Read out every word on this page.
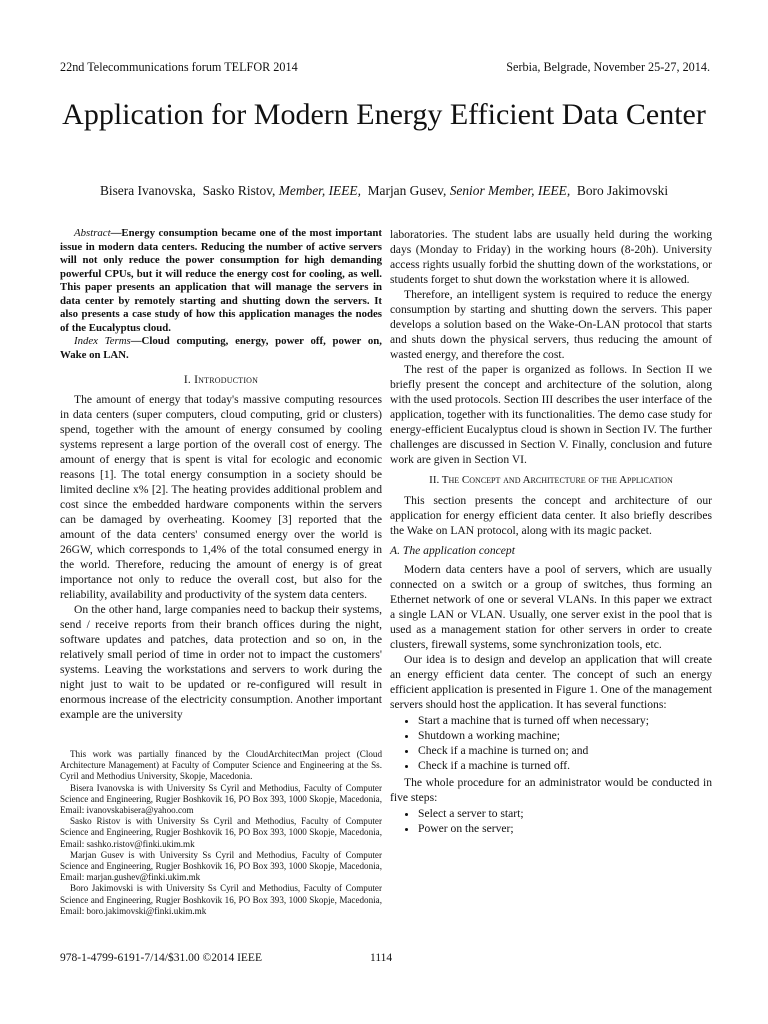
22nd Telecommunications forum TELFOR 2014	Serbia, Belgrade, November 25-27, 2014.
Application for Modern Energy Efficient Data Center
Bisera Ivanovska, Sasko Ristov, Member, IEEE, Marjan Gusev, Senior Member, IEEE, Boro Jakimovski

Abstract—Energy consumption became one of the most important issue in modern data centers. Reducing the number of active servers will not only reduce the power consumption for high demanding powerful CPUs, but it will reduce the energy cost for cooling, as well. This paper presents an application that will manage the servers in data center by remotely starting and shutting down the servers. It also presents a case study of how this application manages the nodes of the Eucalyptus cloud.

Index Terms—Cloud computing, energy, power off, power on, Wake on LAN.

I. Introduction

The amount of energy that today's massive computing resources in data centers (super computers, cloud computing, grid or clusters) spend, together with the amount of energy consumed by cooling systems represent a large portion of the overall cost of energy. The amount of energy that is spent is vital for ecologic and economic reasons [1]. The total energy consumption in a society should be limited decline x% [2]. The heating provides additional problem and cost since the embedded hardware components within the servers can be damaged by overheating. Koomey [3] reported that the amount of the data centers' consumed energy over the world is 26GW, which corresponds to 1,4% of the total consumed energy in the world. Therefore, reducing the amount of energy is of great importance not only to reduce the overall cost, but also for the reliability, availability and productivity of the system data centers.

On the other hand, large companies need to backup their systems, send / receive reports from their branch offices during the night, software updates and patches, data protection and so on, in the relatively small period of time in order not to impact the customers' systems. Leaving the workstations and servers to work during the night just to wait to be updated or re-configured will result in enormous increase of the electricity consumption. Another important example are the university

laboratories. The student labs are usually held during the working days (Monday to Friday) in the working hours (8-20h). University access rights usually forbid the shutting down of the workstations, or students forget to shut down the workstation where it is allowed.

Therefore, an intelligent system is required to reduce the energy consumption by starting and shutting down the servers. This paper develops a solution based on the Wake-On-LAN protocol that starts and shuts down the physical servers, thus reducing the amount of wasted energy, and therefore the cost.

The rest of the paper is organized as follows. In Section II we briefly present the concept and architecture of the solution, along with the used protocols. Section III describes the user interface of the application, together with its functionalities. The demo case study for energy-efficient Eucalyptus cloud is shown in Section IV. The further challenges are discussed in Section V. Finally, conclusion and future work are given in Section VI.

II. The Concept and Architecture of the Application

This section presents the concept and architecture of our application for energy efficient data center. It also briefly describes the Wake on LAN protocol, along with its magic packet.

A. The application concept

Modern data centers have a pool of servers, which are usually connected on a switch or a group of switches, thus forming an Ethernet network of one or several VLANs. In this paper we extract a single LAN or VLAN. Usually, one server exist in the pool that is used as a management station for other servers in order to create clusters, firewall systems, some synchronization tools, etc.

Our idea is to design and develop an application that will create an energy efficient data center. The concept of such an energy efficient application is presented in Figure 1. One of the management servers should host the application. It has several functions:

• Start a machine that is turned off when necessary;
• Shutdown a working machine;
• Check if a machine is turned on; and
• Check if a machine is turned off.

The whole procedure for an administrator would be conducted in five steps:

• Select a server to start;
• Power on the server;

This work was partially financed by the CloudArchitectMan project (Cloud Architecture Management) at Faculty of Computer Science and Engineering at the Ss. Cyril and Methodius University, Skopje, Macedonia.

Bisera Ivanovska is with University Ss Cyril and Methodius, Faculty of Computer Science and Engineering, Rugjer Boshkovik 16, PO Box 393, 1000 Skopje, Macedonia, Email: ivanovskabisera@yahoo.com

Sasko Ristov is with University Ss Cyril and Methodius, Faculty of Computer Science and Engineering, Rugjer Boshkovik 16, PO Box 393, 1000 Skopje, Macedonia, Email: sashko.ristov@finki.ukim.mk

Marjan Gusev is with University Ss Cyril and Methodius, Faculty of Computer Science and Engineering, Rugjer Boshkovik 16, PO Box 393, 1000 Skopje, Macedonia, Email: marjan.gushev@finki.ukim.mk

Boro Jakimovski is with University Ss Cyril and Methodius, Faculty of Computer Science and Engineering, Rugjer Boshkovik 16, PO Box 393, 1000 Skopje, Macedonia, Email: boro.jakimovski@finki.ukim.mk

978-1-4799-6191-7/14/$31.00 ©2014 IEEE	1114
